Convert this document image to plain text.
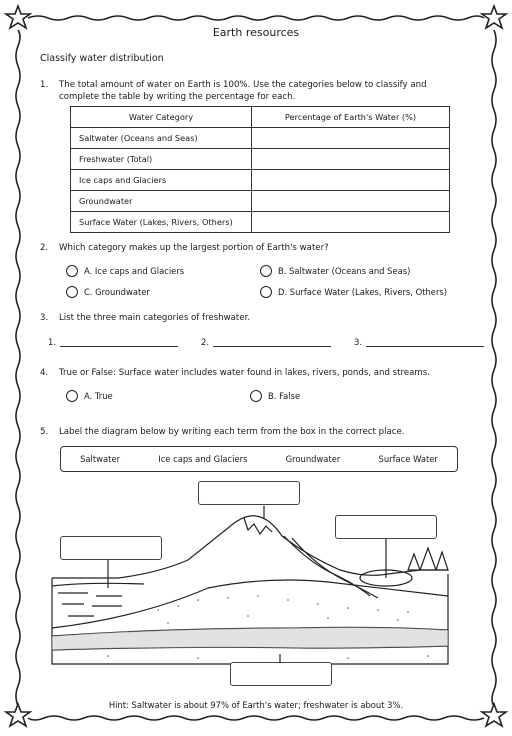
Earth resources
Classify water distribution
1. The total amount of water on Earth is 100%. Use the categories below to classify and complete the table by writing the percentage for each.
Water Category	Percentage of Earth's Water (%)
Saltwater (Oceans and Seas)	
Freshwater (Total)	
Ice caps and Glaciers	
Groundwater	
Surface Water (Lakes, Rivers, Others)	
2. Which category makes up the largest portion of Earth's water?
A. Ice caps and Glaciers	B. Saltwater (Oceans and Seas)
C. Groundwater	D. Surface Water (Lakes, Rivers, Others)
3. List the three main categories of freshwater.
1.	2.	3.
4. True or False: Surface water includes water found in lakes, rivers, ponds, and streams.
A. True	B. False
5. Label the diagram below by writing each term from the box in the correct place.
Saltwater	Ice caps and Glaciers	Groundwater	Surface Water
Hint: Saltwater is about 97% of Earth's water; freshwater is about 3%.
